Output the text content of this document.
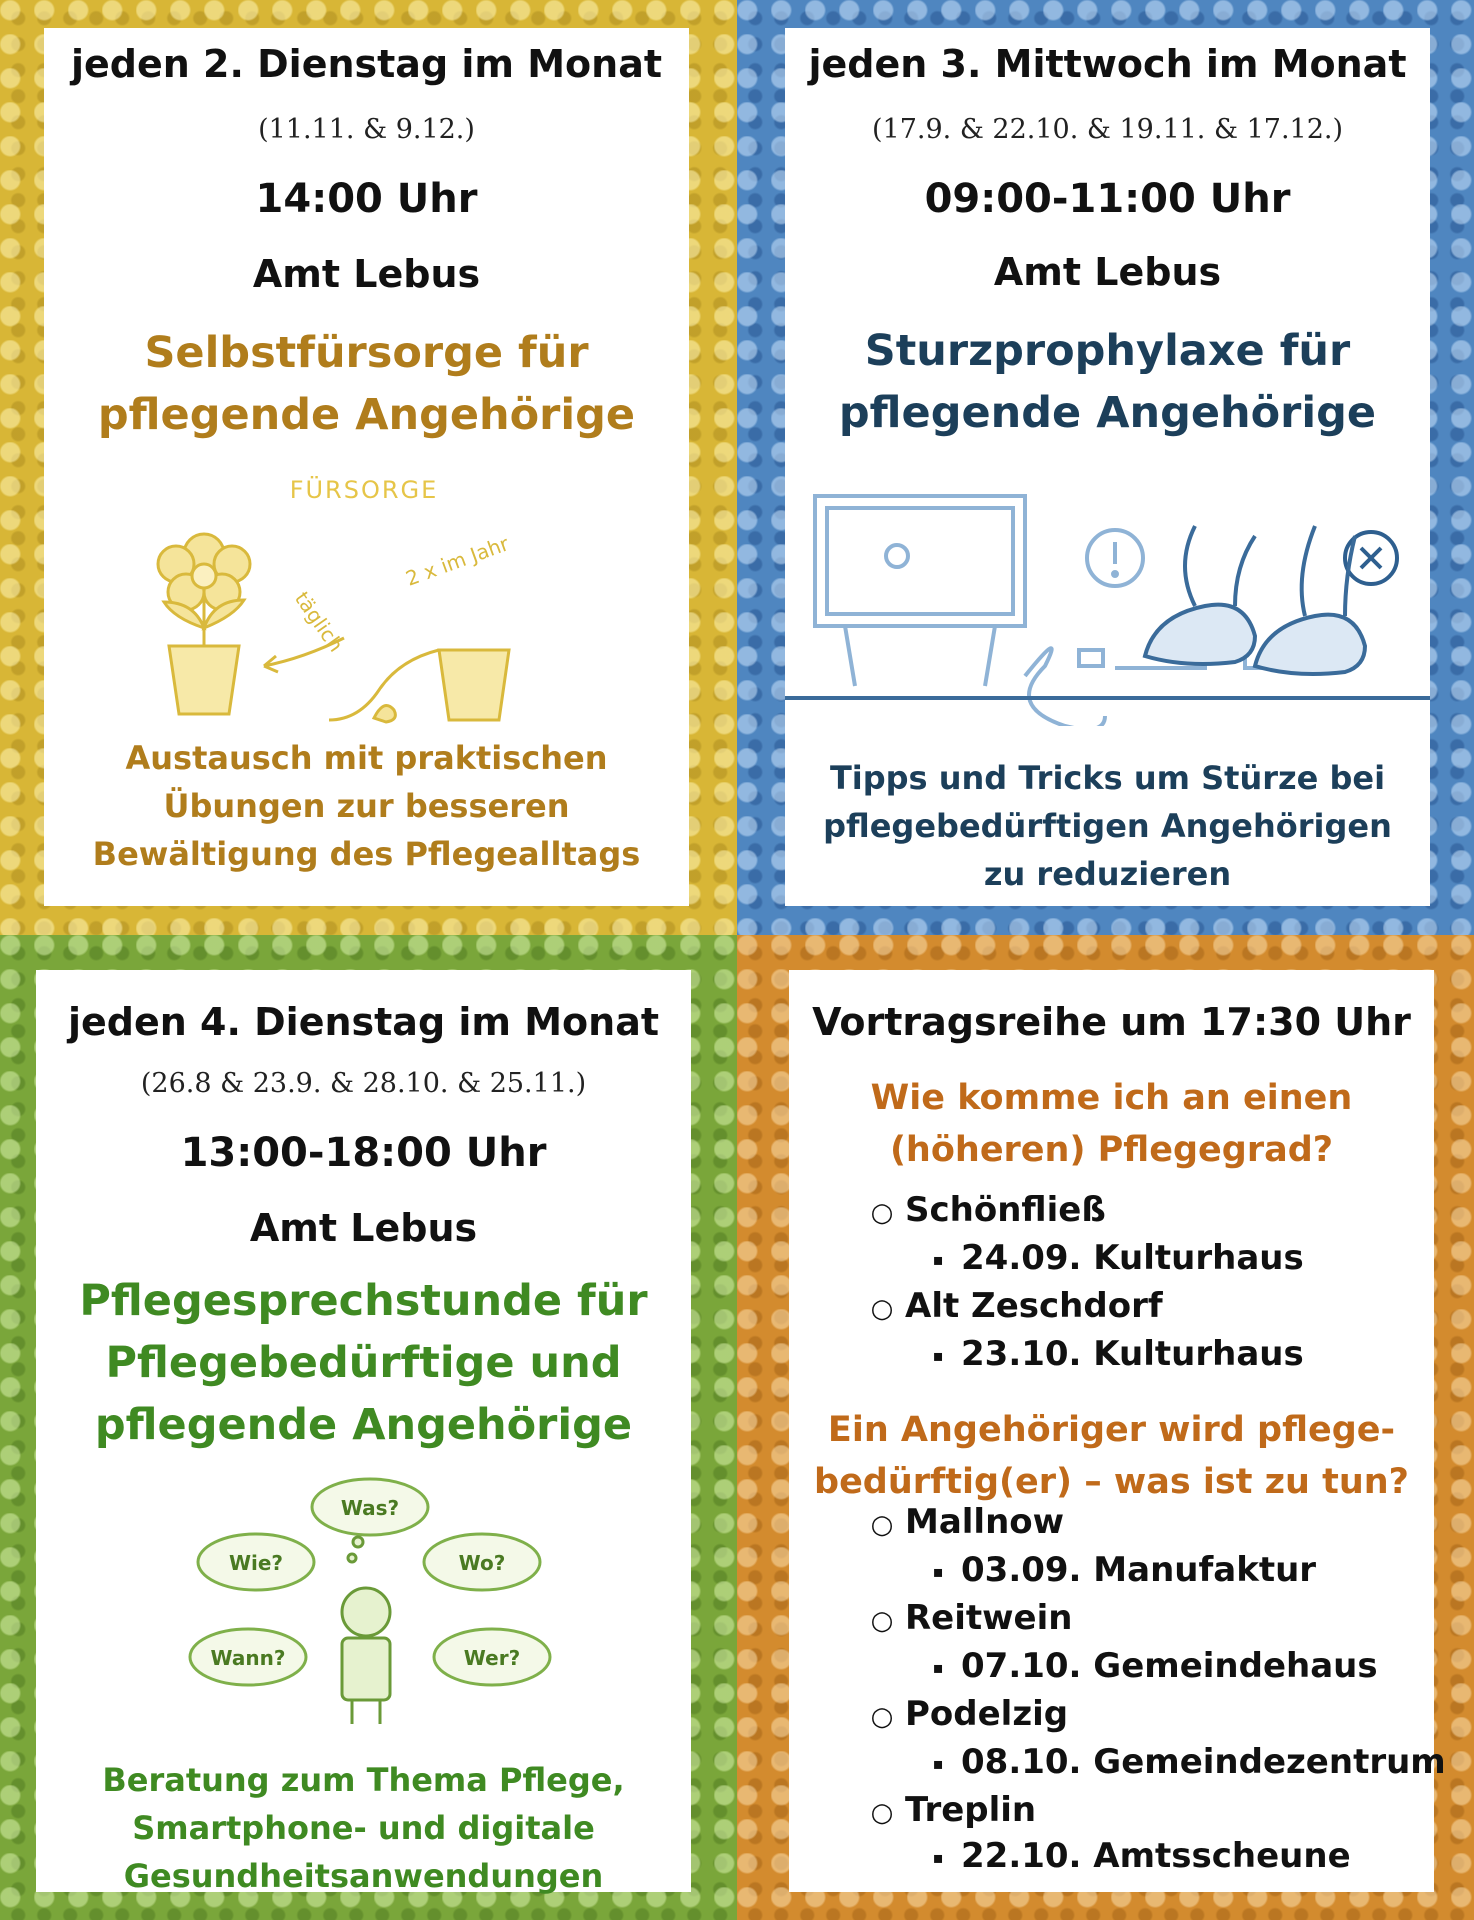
jeden 2. Dienstag im Monat
(11.11. & 9.12.)
14:00 Uhr
Amt Lebus
Selbstfürsorge für
pflegende Angehörige
FÜRSORGE
täglich
2 x im Jahr
Austausch mit praktischen
Übungen zur besseren
Bewältigung des Pflegealltags
jeden 3. Mittwoch im Monat
(17.9. & 22.10. & 19.11. & 17.12.)
09:00-11:00 Uhr
Amt Lebus
Sturzprophylaxe für
pflegende Angehörige
Tipps und Tricks um Stürze bei
pflegebedürftigen Angehörigen
zu reduzieren
jeden 4. Dienstag im Monat
(26.8 & 23.9. & 28.10. & 25.11.)
13:00-18:00 Uhr
Amt Lebus
Pflegesprechstunde für
Pflegebedürftige und
pflegende Angehörige
Was?
Wie?	Wo?
Wann?	Wer?
Beratung zum Thema Pflege,
Smartphone- und digitale
Gesundheitsanwendungen
Vortragsreihe um 17:30 Uhr
Wie komme ich an einen
(höheren) Pflegegrad?
○ Schönfließ
▪ 24.09. Kulturhaus
○ Alt Zeschdorf
▪ 23.10. Kulturhaus
Ein Angehöriger wird pflege-
bedürftig(er) – was ist zu tun?
○ Mallnow
▪ 03.09. Manufaktur
○ Reitwein
▪ 07.10. Gemeindehaus
○ Podelzig
▪ 08.10. Gemeindezentrum
○ Treplin
▪ 22.10. Amtsscheune
